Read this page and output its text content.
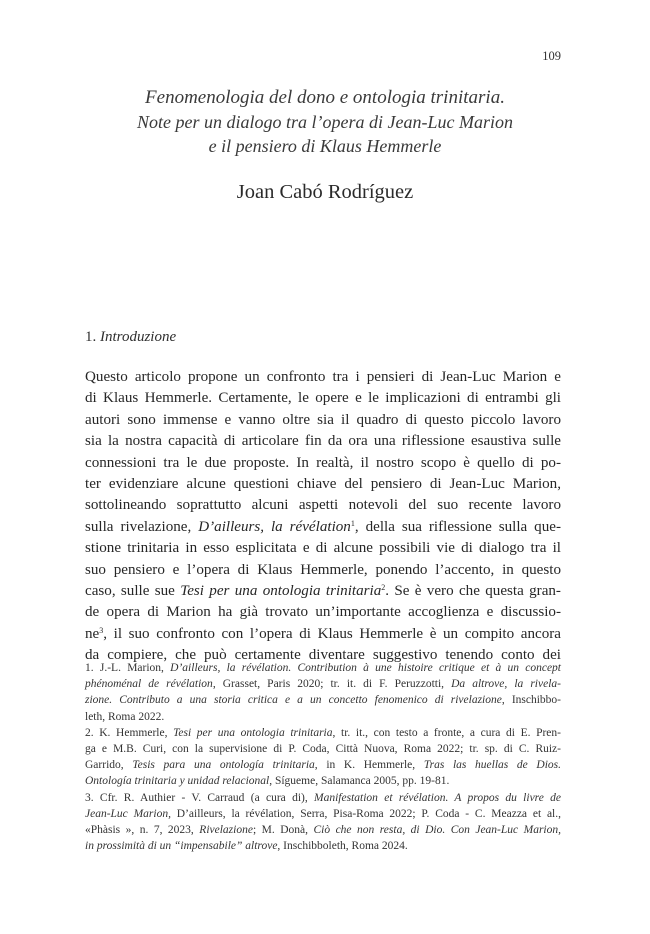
109
Fenomenologia del dono e ontologia trinitaria.
Note per un dialogo tra l’opera di Jean-Luc Marion
e il pensiero di Klaus Hemmerle
Joan Cabó Rodríguez
1. Introduzione
Questo articolo propone un confronto tra i pensieri di Jean-Luc Marion e
di Klaus Hemmerle. Certamente, le opere e le implicazioni di entrambi gli
autori sono immense e vanno oltre sia il quadro di questo piccolo lavoro
sia la nostra capacità di articolare fin da ora una riflessione esaustiva sulle
connessioni tra le due proposte. In realtà, il nostro scopo è quello di po-
ter evidenziare alcune questioni chiave del pensiero di Jean-Luc Marion,
sottolineando soprattutto alcuni aspetti notevoli del suo recente lavoro
sulla rivelazione, D’ailleurs, la révélation$^1$, della sua riflessione sulla que-
stione trinitaria in esso esplicitata e di alcune possibili vie di dialogo tra il
suo pensiero e l’opera di Klaus Hemmerle, ponendo l’accento, in questo
caso, sulle sue Tesi per una ontologia trinitaria$^2$. Se è vero che questa gran-
de opera di Marion ha già trovato un’importante accoglienza e discussio-
$ne^3$, il suo confronto con l’opera di Klaus Hemmerle è un compito ancora
da compiere, che può certamente diventare suggestivo tenendo conto dei
1. J.-L. Marion, D’ailleurs, la révélation. Contribution à une histoire critique et à un concept
phénoménal de révélation, Grasset, Paris 2020; tr. it. di F. Peruzzotti, Da altrove, la rivela-
zione. Contributo a una storia critica e a un concetto fenomenico di rivelazione, Inschibbo-
leth, Roma 2022.
2. K. Hemmerle, Tesi per una ontologia trinitaria, tr. it., con testo a fronte, a cura di E. Pren-
ga e M.B. Curi, con la supervisione di P. Coda, Città Nuova, Roma 2022; tr. sp. di C. Ruiz-
Garrido, Tesis para una ontología trinitaria, in K. Hemmerle, Tras las huellas de Dios.
Ontología trinitaria y unidad relacional, Sígueme, Salamanca 2005, pp. 19-81.
3. Cfr. R. Authier - V. Carraud (a cura di), Manifestation et révélation. A propos du livre de
Jean-Luc Marion, D’ailleurs, la révélation, Serra, Pisa-Roma 2022; P. Coda - C. Meazza et al.,
«Phàsis », n. 7, 2023, Rivelazione; M. Donà, Ciò che non resta, di Dio. Con Jean-Luc Marion,
in prossimità di un “impensabile” altrove, Inschibboleth, Roma 2024.
